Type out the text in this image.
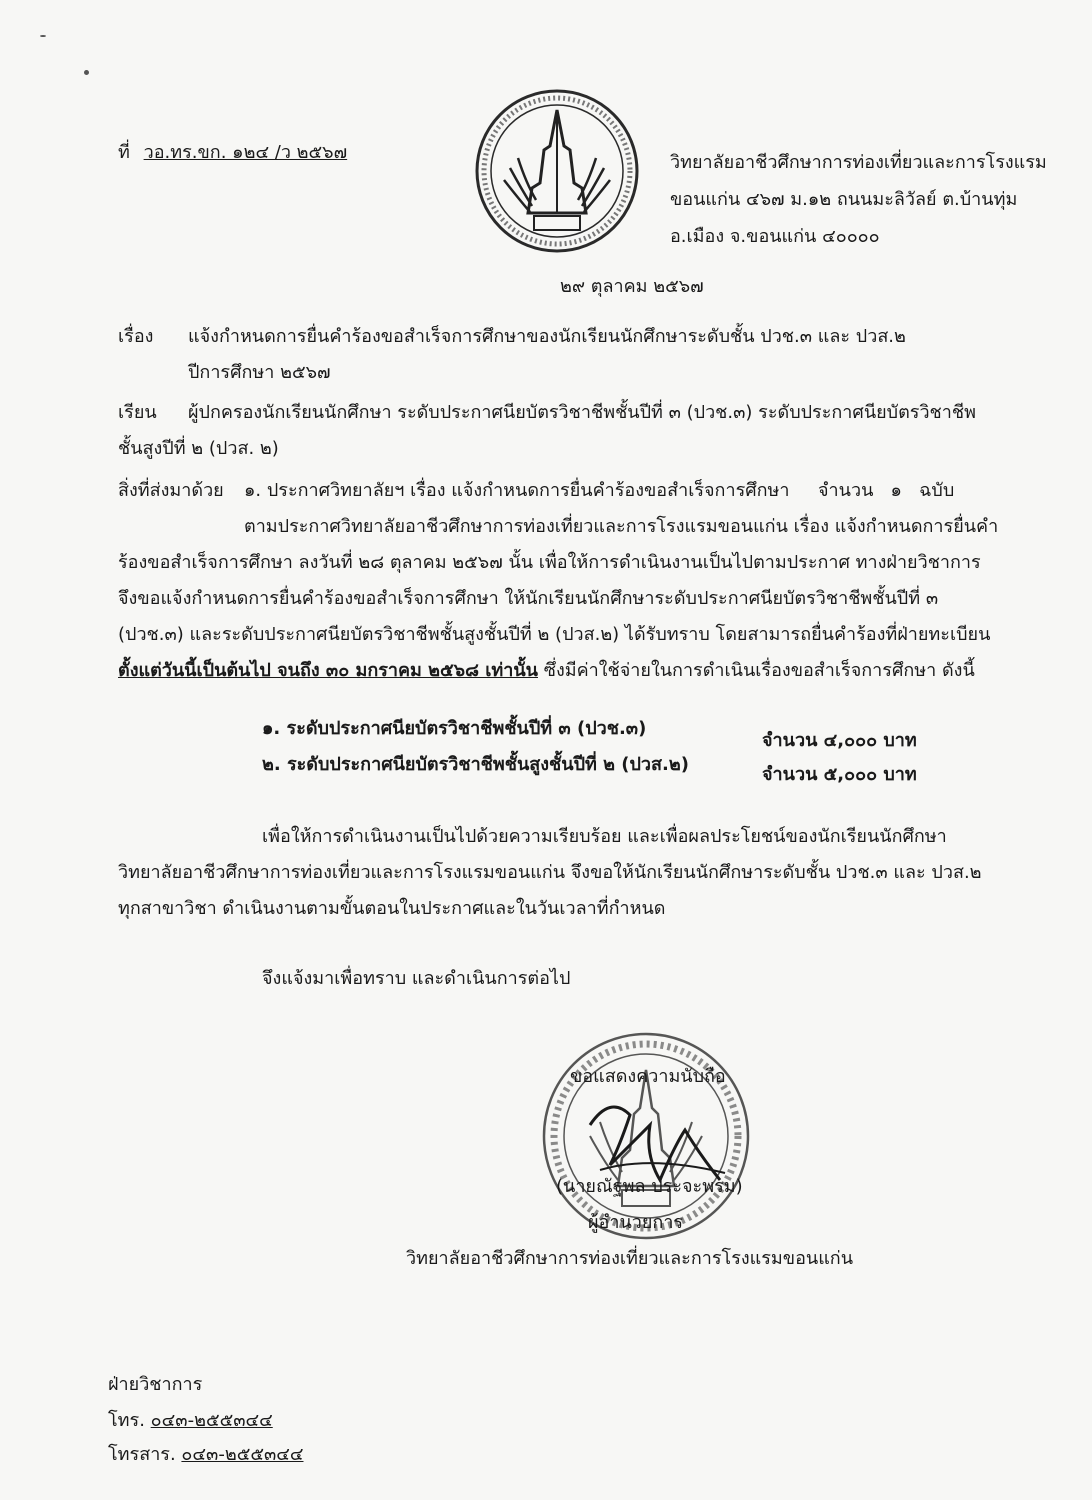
ที่ วอ.ทร.ขก. ๑๒๔ /ว ๒๕๖๗	วิทยาลัยอาชีวศึกษาการท่องเที่ยวและการโรงแรม
ขอนแก่น ๔๖๗ ม.๑๒ ถนนมะลิวัลย์ ต.บ้านทุ่ม
อ.เมือง จ.ขอนแก่น ๔๐๐๐๐
๒๙ ตุลาคม ๒๕๖๗
เรื่อง แจ้งกำหนดการยื่นคำร้องขอสำเร็จการศึกษาของนักเรียนนักศึกษาระดับชั้น ปวช.๓ และ ปวส.๒
ปีการศึกษา ๒๕๖๗
เรียน ผู้ปกครองนักเรียนนักศึกษา ระดับประกาศนียบัตรวิชาชีพชั้นปีที่ ๓ (ปวช.๓) ระดับประกาศนียบัตรวิชาชีพ
ชั้นสูงปีที่ ๒ (ปวส. ๒)
สิ่งที่ส่งมาด้วย ๑. ประกาศวิทยาลัยฯ เรื่อง แจ้งกำหนดการยื่นคำร้องขอสำเร็จการศึกษา จำนวน   ๑   ฉบับ
ตามประกาศวิทยาลัยอาชีวศึกษาการท่องเที่ยวและการโรงแรมขอนแก่น เรื่อง แจ้งกำหนดการยื่นคำ
ร้องขอสำเร็จการศึกษา ลงวันที่ ๒๘ ตุลาคม ๒๕๖๗ นั้น เพื่อให้การดำเนินงานเป็นไปตามประกาศ ทางฝ่ายวิชาการ
จึงขอแจ้งกำหนดการยื่นคำร้องขอสำเร็จการศึกษา ให้นักเรียนนักศึกษาระดับประกาศนียบัตรวิชาชีพชั้นปีที่ ๓
(ปวช.๓) และระดับประกาศนียบัตรวิชาชีพชั้นสูงชั้นปีที่ ๒ (ปวส.๒) ได้รับทราบ โดยสามารถยื่นคำร้องที่ฝ่ายทะเบียน
ตั้งแต่วันนี้เป็นต้นไป จนถึง ๓๐ มกราคม ๒๕๖๘ เท่านั้น ซึ่งมีค่าใช้จ่ายในการดำเนินเรื่องขอสำเร็จการศึกษา ดังนี้
๑. ระดับประกาศนียบัตรวิชาชีพชั้นปีที่ ๓ (ปวช.๓)
จำนวน ๔,๐๐๐ บาท
๒. ระดับประกาศนียบัตรวิชาชีพชั้นสูงชั้นปีที่ ๒ (ปวส.๒)	จำนวน ๕,๐๐๐ บาท
เพื่อให้การดำเนินงานเป็นไปด้วยความเรียบร้อย และเพื่อผลประโยชน์ของนักเรียนนักศึกษา
วิทยาลัยอาชีวศึกษาการท่องเที่ยวและการโรงแรมขอนแก่น จึงขอให้นักเรียนนักศึกษาระดับชั้น ปวช.๓ และ ปวส.๒
ทุกสาขาวิชา ดำเนินงานตามขั้นตอนในประกาศและในวันเวลาที่กำหนด
จึงแจ้งมาเพื่อทราบ และดำเนินการต่อไป
ขอแสดงความนับถือ
(นายณัฐพล ประจะพรม)
ผู้อำนวยการ
วิทยาลัยอาชีวศึกษาการท่องเที่ยวและการโรงแรมขอนแก่น
ฝ่ายวิชาการ
โทร. ๐๔๓-๒๕๕๓๔๔
โทรสาร. ๐๔๓-๒๕๕๓๔๔
